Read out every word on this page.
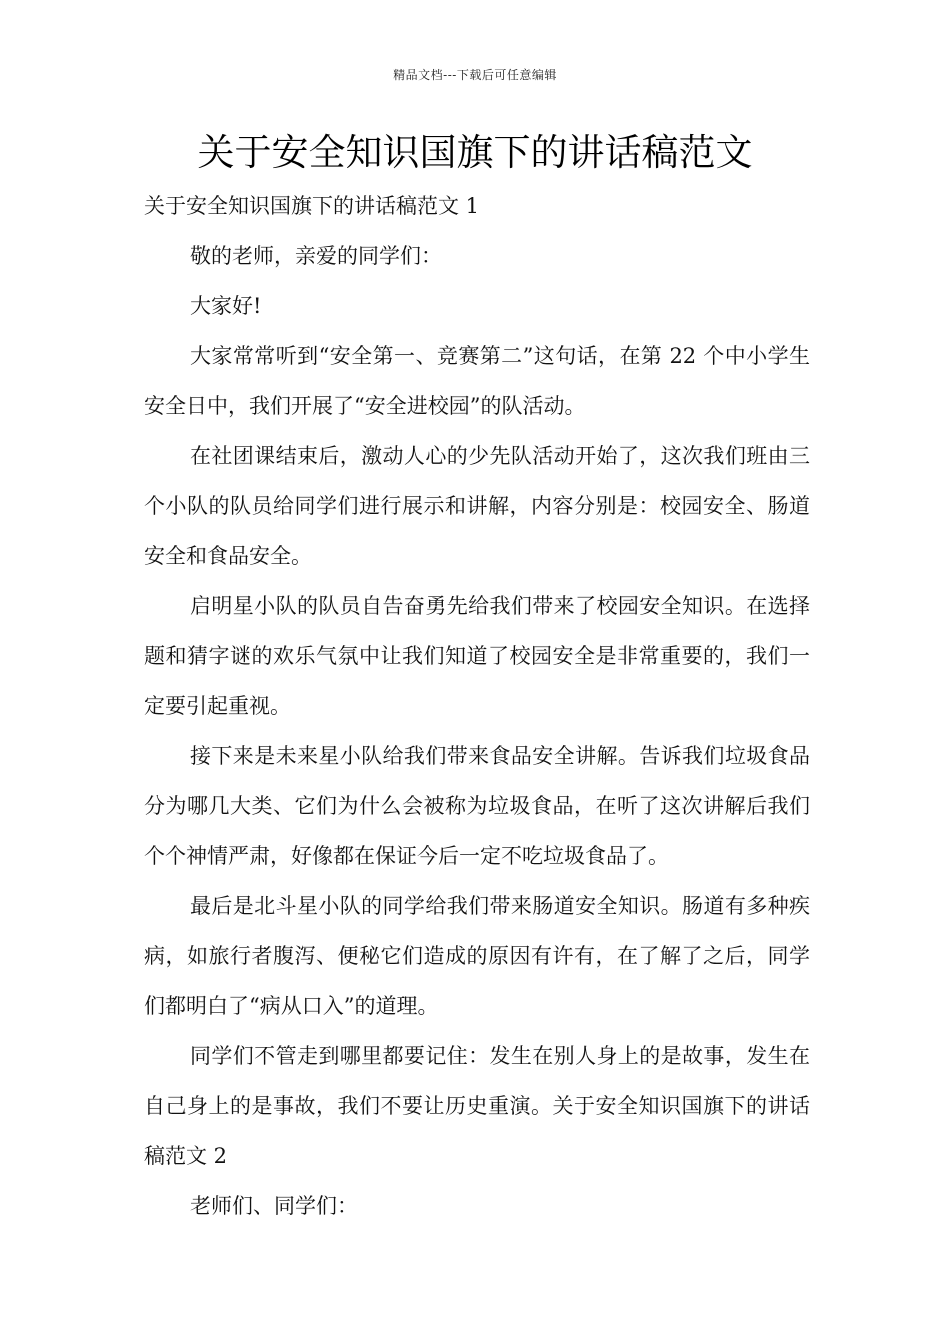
精品文档---下载后可任意编辑
关于安全知识国旗下的讲话稿范文

关于安全知识国旗下的讲话稿范文 1

敬的老师，亲爱的同学们：

大家好!

大家常常听到“安全第一、竞赛第二”这句话，在第 22 个中小学生安全日中，我们开展了“安全进校园”的队活动。

在社团课结束后，激动人心的少先队活动开始了，这次我们班由三个小队的队员给同学们进行展示和讲解，内容分别是：校园安全、肠道安全和食品安全。

启明星小队的队员自告奋勇先给我们带来了校园安全知识。在选择题和猜字谜的欢乐气氛中让我们知道了校园安全是非常重要的，我们一定要引起重视。

接下来是未来星小队给我们带来食品安全讲解。告诉我们垃圾食品分为哪几大类、它们为什么会被称为垃圾食品，在听了这次讲解后我们个个神情严肃，好像都在保证今后一定不吃垃圾食品了。

最后是北斗星小队的同学给我们带来肠道安全知识。肠道有多种疾病，如旅行者腹泻、便秘它们造成的原因有许有，在了解了之后，同学们都明白了“病从口入”的道理。

同学们不管走到哪里都要记住：发生在别人身上的是故事，发生在自己身上的是事故，我们不要让历史重演。关于安全知识国旗下的讲话稿范文 2

老师们、同学们：
